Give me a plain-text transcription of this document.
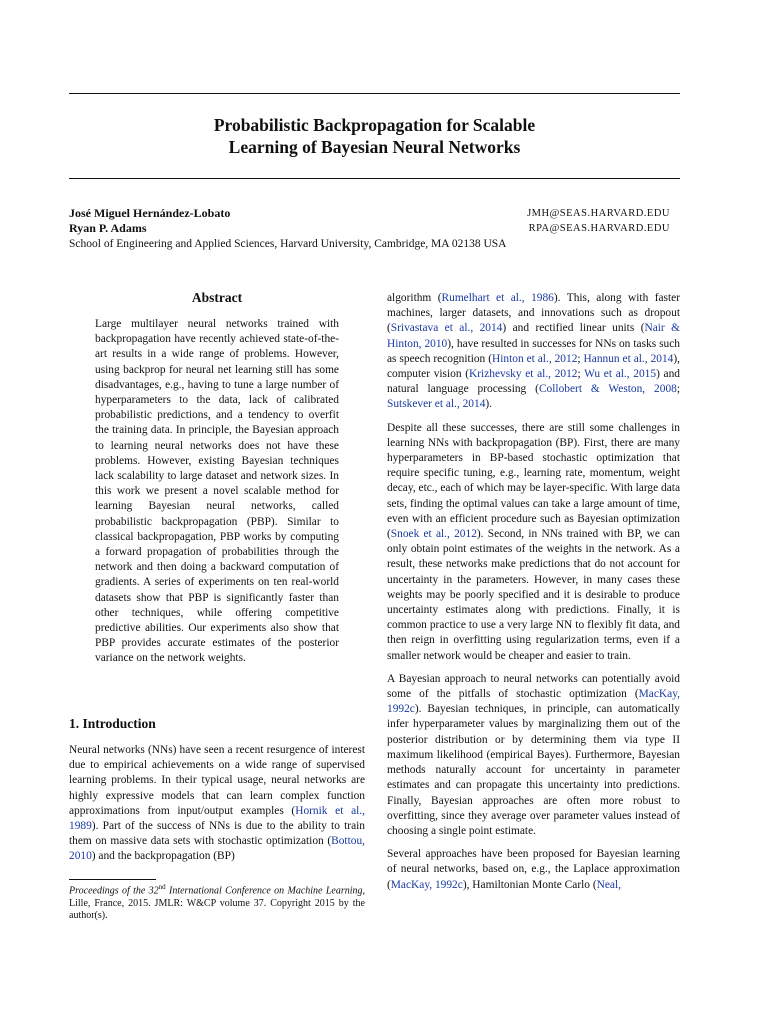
Probabilistic Backpropagation for Scalable
Learning of Bayesian Neural Networks
José Miguel Hernández-Lobato	JMH@SEAS.HARVARD.EDU
Ryan P. Adams	RPA@SEAS.HARVARD.EDU
School of Engineering and Applied Sciences, Harvard University, Cambridge, MA 02138 USA
Abstract

Large multilayer neural networks trained with backpropagation have recently achieved state-of-the-art results in a wide range of problems. However, using backprop for neural net learning still has some disadvantages, e.g., having to tune a large number of hyperparameters to the data, lack of calibrated probabilistic predictions, and a tendency to overfit the training data. In principle, the Bayesian approach to learning neural networks does not have these problems. However, existing Bayesian techniques lack scalability to large dataset and network sizes. In this work we present a novel scalable method for learning Bayesian neural networks, called probabilistic backpropagation (PBP). Similar to classical backpropagation, PBP works by computing a forward propagation of probabilities through the network and then doing a backward computation of gradients. A series of experiments on ten real-world datasets show that PBP is significantly faster than other techniques, while offering competitive predictive abilities. Our experiments also show that PBP provides accurate estimates of the posterior variance on the network weights.

1. Introduction

Neural networks (NNs) have seen a recent resurgence of interest due to empirical achievements on a wide range of supervised learning problems. In their typical usage, neural networks are highly expressive models that can learn complex function approximations from input/output examples (Hornik et al., 1989). Part of the success of NNs is due to the ability to train them on massive data sets with stochastic optimization (Bottou, 2010) and the backpropagation (BP)

algorithm (Rumelhart et al., 1986). This, along with faster machines, larger datasets, and innovations such as dropout (Srivastava et al., 2014) and rectified linear units (Nair & Hinton, 2010), have resulted in successes for NNs on tasks such as speech recognition (Hinton et al., 2012; Hannun et al., 2014), computer vision (Krizhevsky et al., 2012; Wu et al., 2015) and natural language processing (Collobert & Weston, 2008; Sutskever et al., 2014).

Despite all these successes, there are still some challenges in learning NNs with backpropagation (BP). First, there are many hyperparameters in BP-based stochastic optimization that require specific tuning, e.g., learning rate, momentum, weight decay, etc., each of which may be layer-specific. With large data sets, finding the optimal values can take a large amount of time, even with an efficient procedure such as Bayesian optimization (Snoek et al., 2012). Second, in NNs trained with BP, we can only obtain point estimates of the weights in the network. As a result, these networks make predictions that do not account for uncertainty in the parameters. However, in many cases these weights may be poorly specified and it is desirable to produce uncertainty estimates along with predictions. Finally, it is common practice to use a very large NN to flexibly fit data, and then reign in overfitting using regularization terms, even if a smaller network would be cheaper and easier to train.

A Bayesian approach to neural networks can potentially avoid some of the pitfalls of stochastic optimization (MacKay, 1992c). Bayesian techniques, in principle, can automatically infer hyperparameter values by marginalizing them out of the posterior distribution or by determining them via type II maximum likelihood (empirical Bayes). Furthermore, Bayesian methods naturally account for uncertainty in parameter estimates and can propagate this uncertainty into predictions. Finally, Bayesian approaches are often more robust to overfitting, since they average over parameter values instead of choosing a single point estimate.

Several approaches have been proposed for Bayesian learning of neural networks, based on, e.g., the Laplace approximation (MacKay, 1992c), Hamiltonian Monte Carlo (Neal,

Proceedings of the 32nd International Conference on Machine Learning, Lille, France, 2015. JMLR: W&CP volume 37. Copyright 2015 by the author(s).
